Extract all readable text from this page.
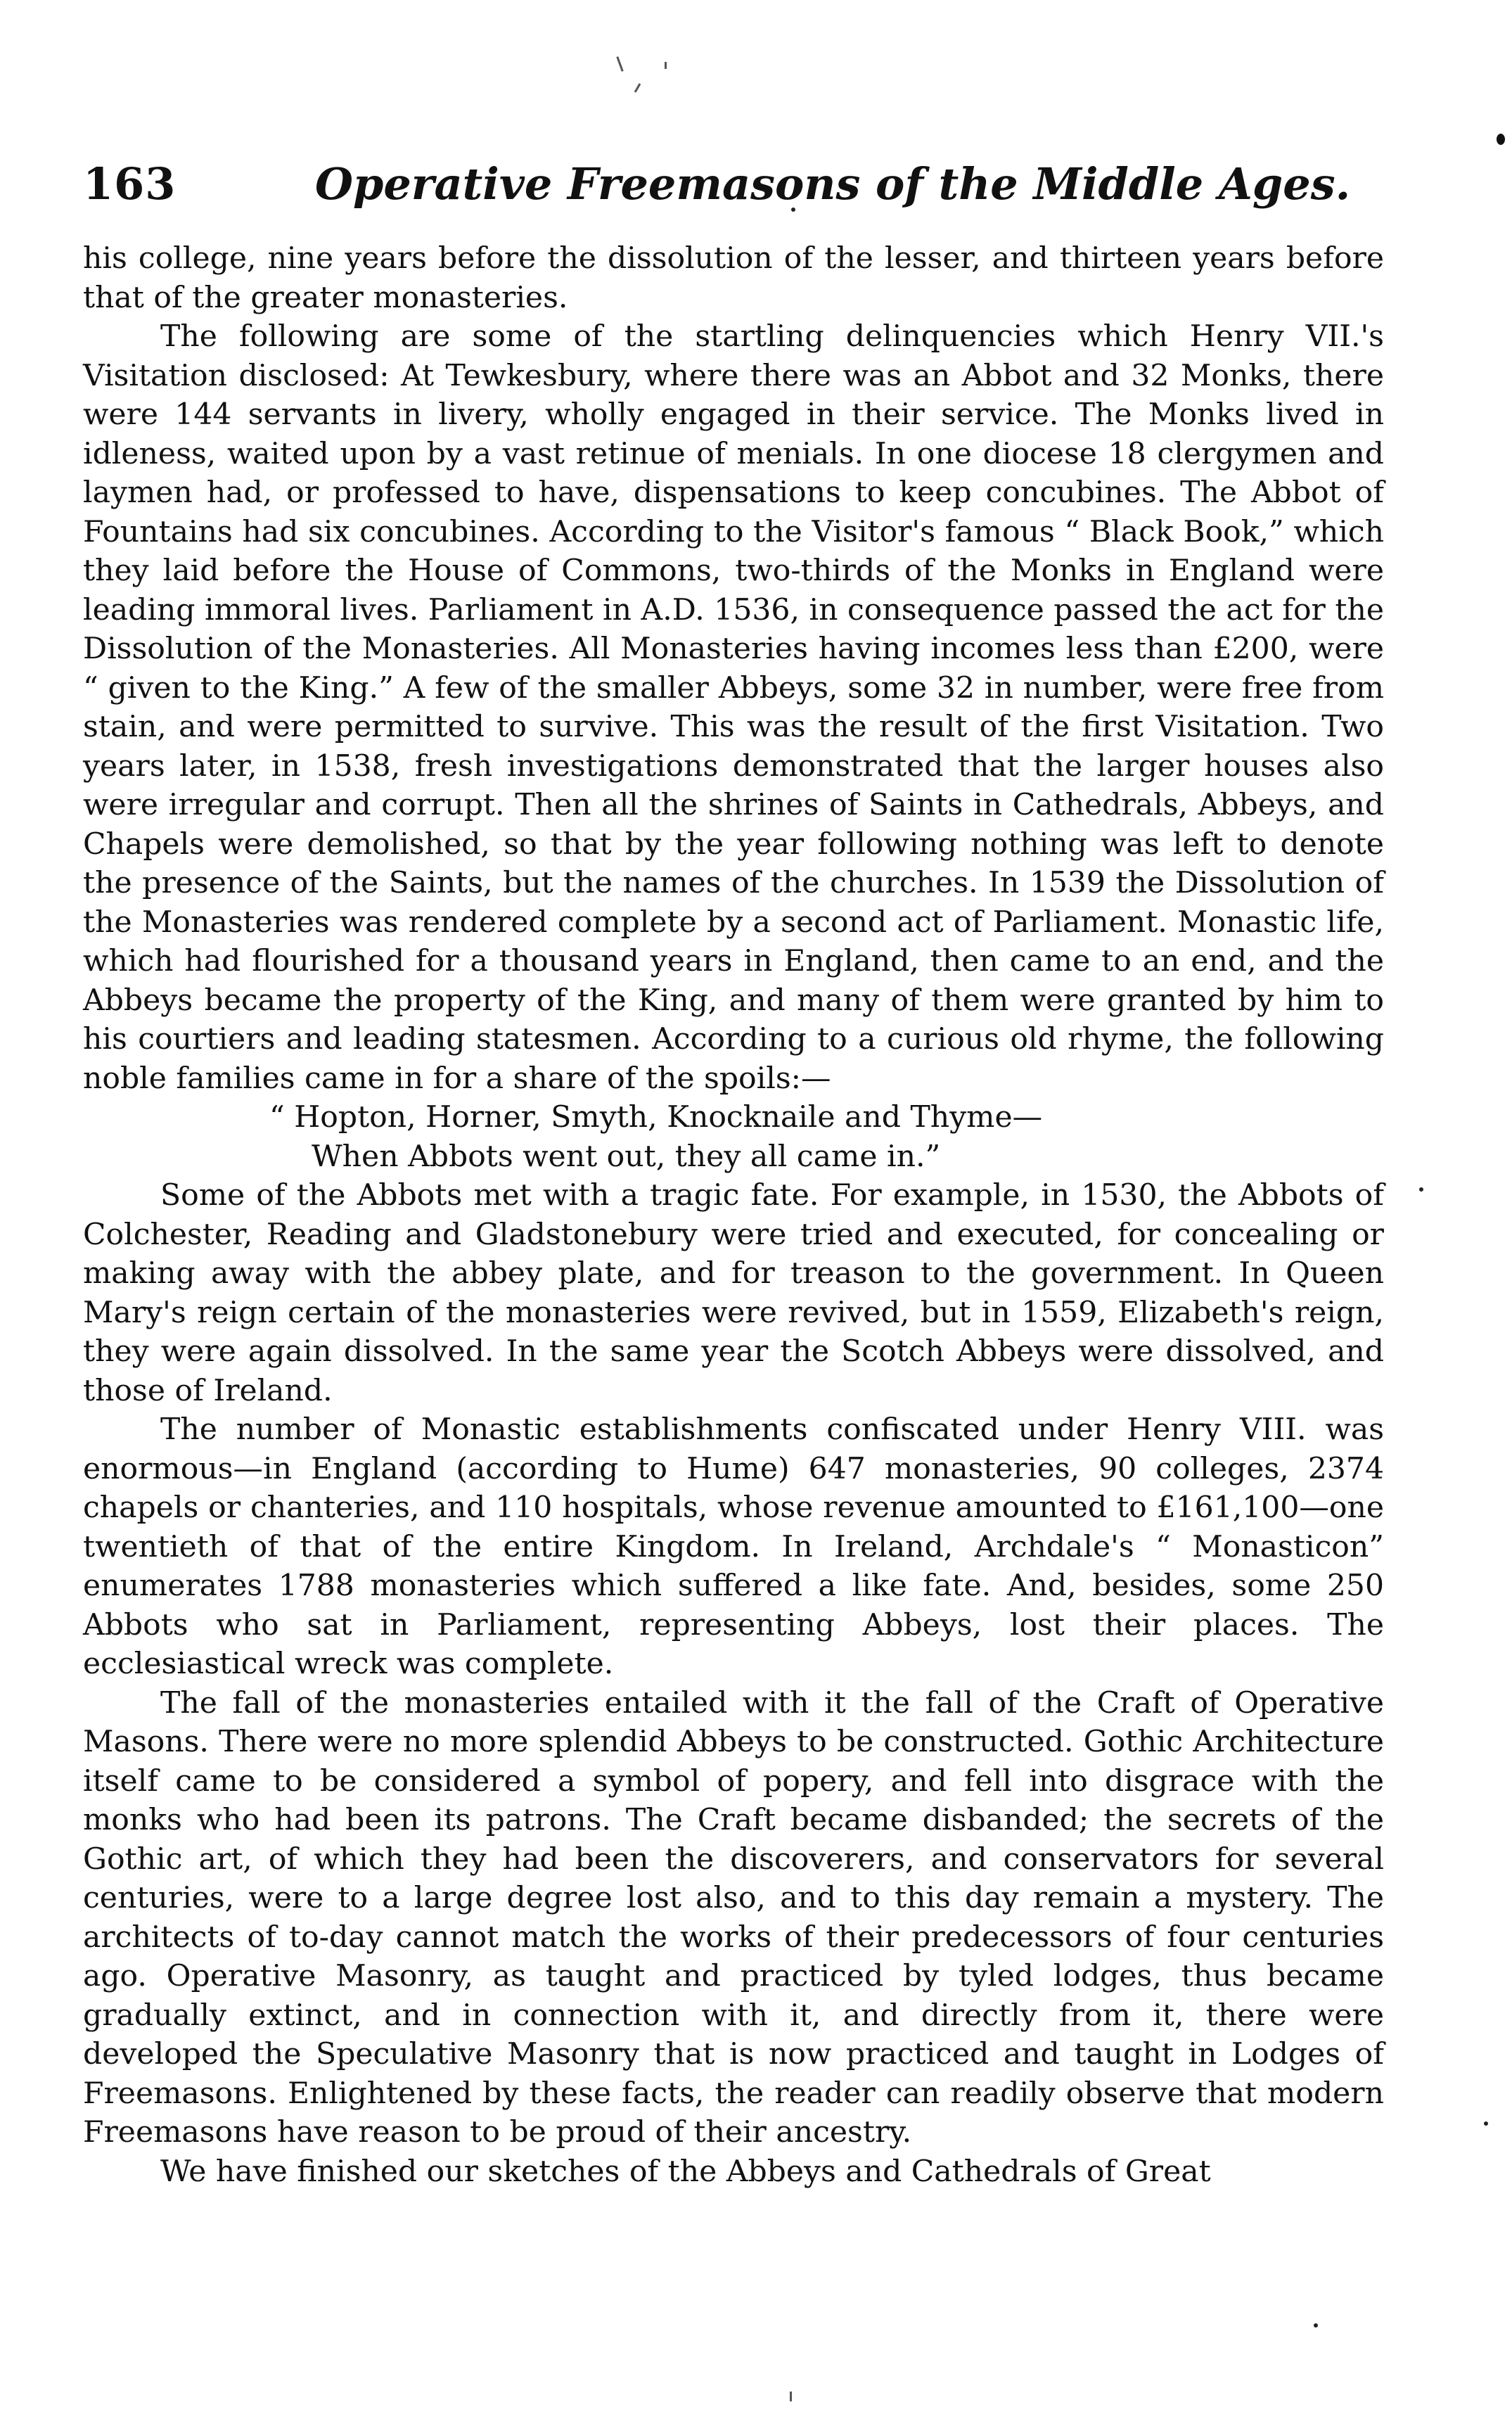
163	Operative Freemasons of the Middle Ages.

his college, nine years before the dissolution of the lesser, and thirteen years before that of the greater monasteries.

The following are some of the startling delinquencies which Henry VII.'s Visitation disclosed: At Tewkesbury, where there was an Abbot and 32 Monks, there were 144 servants in livery, wholly engaged in their service. The Monks lived in idleness, waited upon by a vast retinue of menials. In one diocese 18 clergymen and laymen had, or professed to have, dispensations to keep concubines. The Abbot of Fountains had six concubines. According to the Visitor's famous “ Black Book,” which they laid before the House of Commons, two-thirds of the Monks in England were leading immoral lives. Parliament in A.D. 1536, in consequence passed the act for the Dissolution of the Monasteries. All Monasteries having incomes less than £200, were “ given to the King.” A few of the smaller Abbeys, some 32 in number, were free from stain, and were permitted to survive. This was the result of the first Visitation. Two years later, in 1538, fresh investigations demonstrated that the larger houses also were irregular and corrupt. Then all the shrines of Saints in Cathedrals, Abbeys, and Chapels were demolished, so that by the year following nothing was left to denote the presence of the Saints, but the names of the churches. In 1539 the Dissolution of the Monasteries was rendered complete by a second act of Parliament. Monastic life, which had flourished for a thousand years in England, then came to an end, and the Abbeys became the property of the King, and many of them were granted by him to his courtiers and leading statesmen. According to a curious old rhyme, the following noble families came in for a share of the spoils:—

“ Hopton, Horner, Smyth, Knocknaile and Thyme—
When Abbots went out, they all came in.”

Some of the Abbots met with a tragic fate. For example, in 1530, the Abbots of Colchester, Reading and Gladstonebury were tried and executed, for concealing or making away with the abbey plate, and for treason to the government. In Queen Mary's reign certain of the monasteries were revived, but in 1559, Elizabeth's reign, they were again dissolved. In the same year the Scotch Abbeys were dissolved, and those of Ireland.

The number of Monastic establishments confiscated under Henry VIII. was enormous—in England (according to Hume) 647 monasteries, 90 colleges, 2374 chapels or chanteries, and 110 hospitals, whose revenue amounted to £161,100—one twentieth of that of the entire Kingdom. In Ireland, Archdale's “ Monasticon” enumerates 1788 monasteries which suffered a like fate. And, besides, some 250 Abbots who sat in Parliament, representing Abbeys, lost their places. The ecclesiastical wreck was complete.

The fall of the monasteries entailed with it the fall of the Craft of Operative Masons. There were no more splendid Abbeys to be constructed. Gothic Architecture itself came to be considered a symbol of popery, and fell into disgrace with the monks who had been its patrons. The Craft became disbanded; the secrets of the Gothic art, of which they had been the discoverers, and conservators for several centuries, were to a large degree lost also, and to this day remain a mystery. The architects of to-day cannot match the works of their predecessors of four centuries ago. Operative Masonry, as taught and practiced by tyled lodges, thus became gradually extinct, and in connection with it, and directly from it, there were developed the Speculative Masonry that is now practiced and taught in Lodges of Freemasons. Enlightened by these facts, the reader can readily observe that modern Freemasons have reason to be proud of their ancestry.

We have finished our sketches of the Abbeys and Cathedrals of Great
